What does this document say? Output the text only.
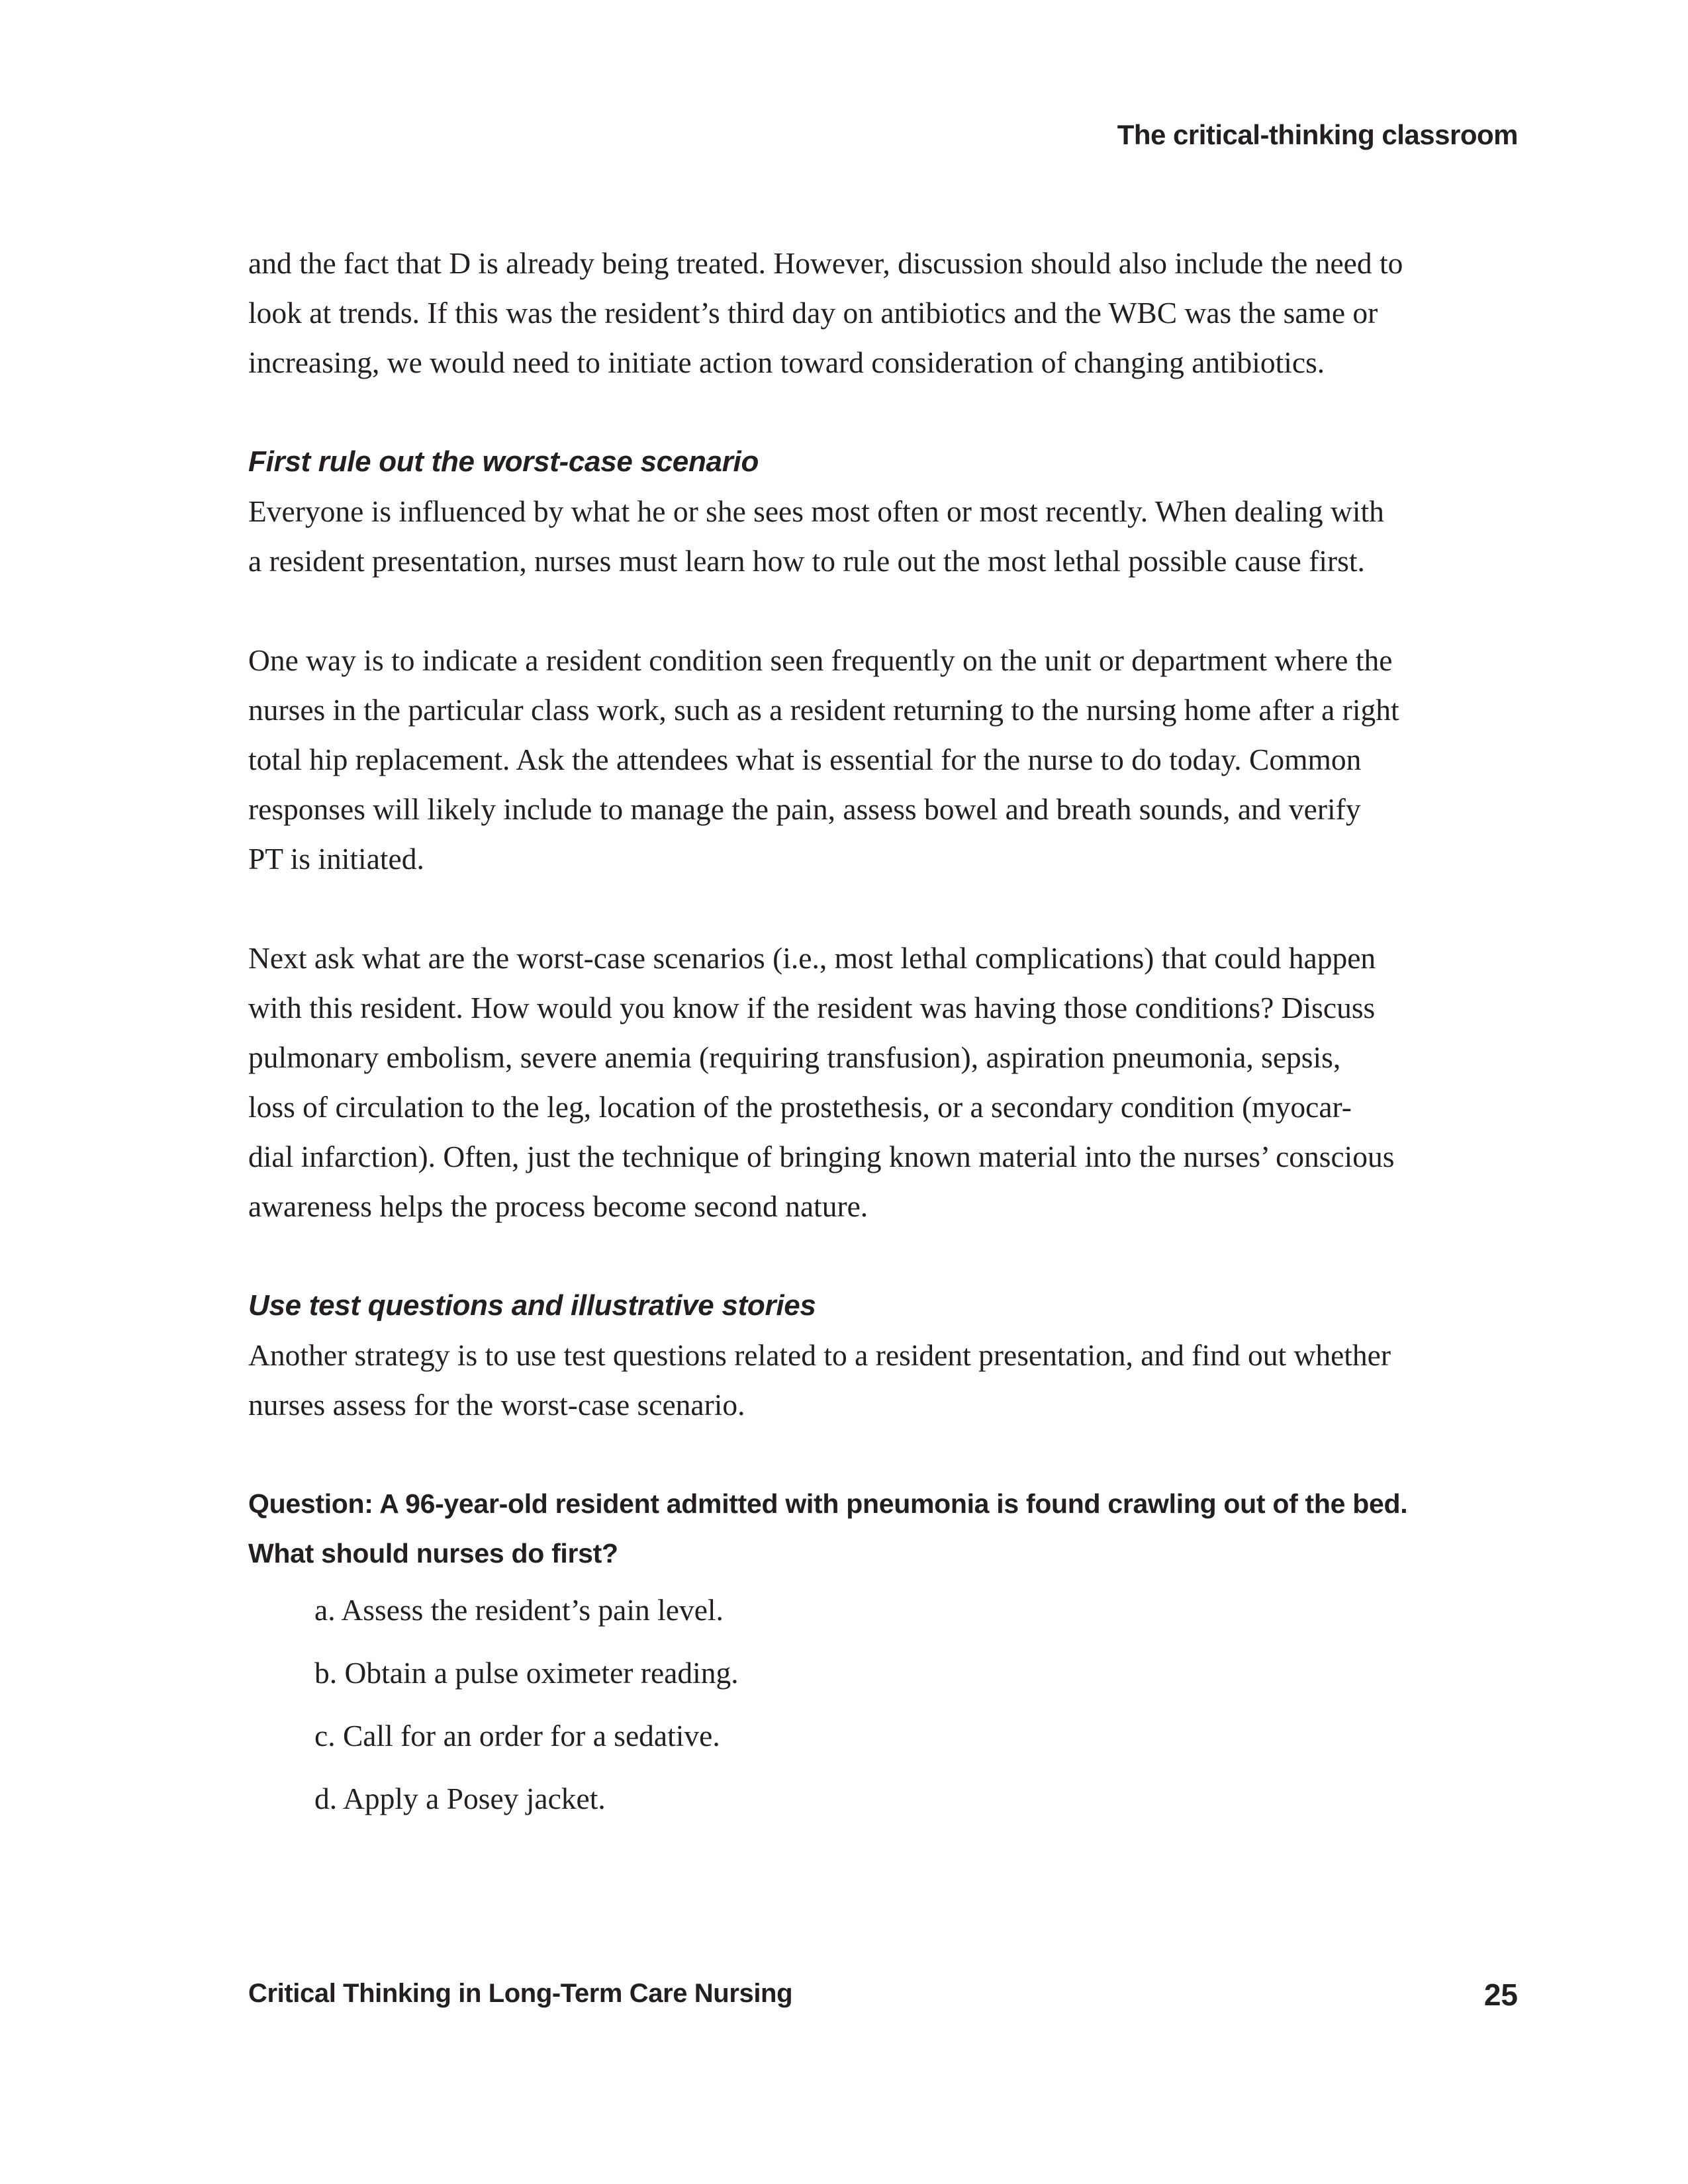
The critical-thinking classroom

and the fact that D is already being treated. However, discussion should also include the need to
look at trends. If this was the resident’s third day on antibiotics and the WBC was the same or
increasing, we would need to initiate action toward consideration of changing antibiotics.

First rule out the worst-case scenario

Everyone is influenced by what he or she sees most often or most recently. When dealing with
a resident presentation, nurses must learn how to rule out the most lethal possible cause first.

One way is to indicate a resident condition seen frequently on the unit or department where the
nurses in the particular class work, such as a resident returning to the nursing home after a right
total hip replacement. Ask the attendees what is essential for the nurse to do today. Common
responses will likely include to manage the pain, assess bowel and breath sounds, and verify
PT is initiated.

Next ask what are the worst-case scenarios (i.e., most lethal complications) that could happen
with this resident. How would you know if the resident was having those conditions? Discuss
pulmonary embolism, severe anemia (requiring transfusion), aspiration pneumonia, sepsis,
loss of circulation to the leg, location of the prostethesis, or a secondary condition (myocar-
dial infarction). Often, just the technique of bringing known material into the nurses’ conscious
awareness helps the process become second nature.

Use test questions and illustrative stories

Another strategy is to use test questions related to a resident presentation, and find out whether
nurses assess for the worst-case scenario.

Question: A 96-year-old resident admitted with pneumonia is found crawling out of the bed.
What should nurses do first?

a. Assess the resident’s pain level.
b. Obtain a pulse oximeter reading.
c. Call for an order for a sedative.
d. Apply a Posey jacket.

Critical Thinking in Long-Term Care Nursing	25
